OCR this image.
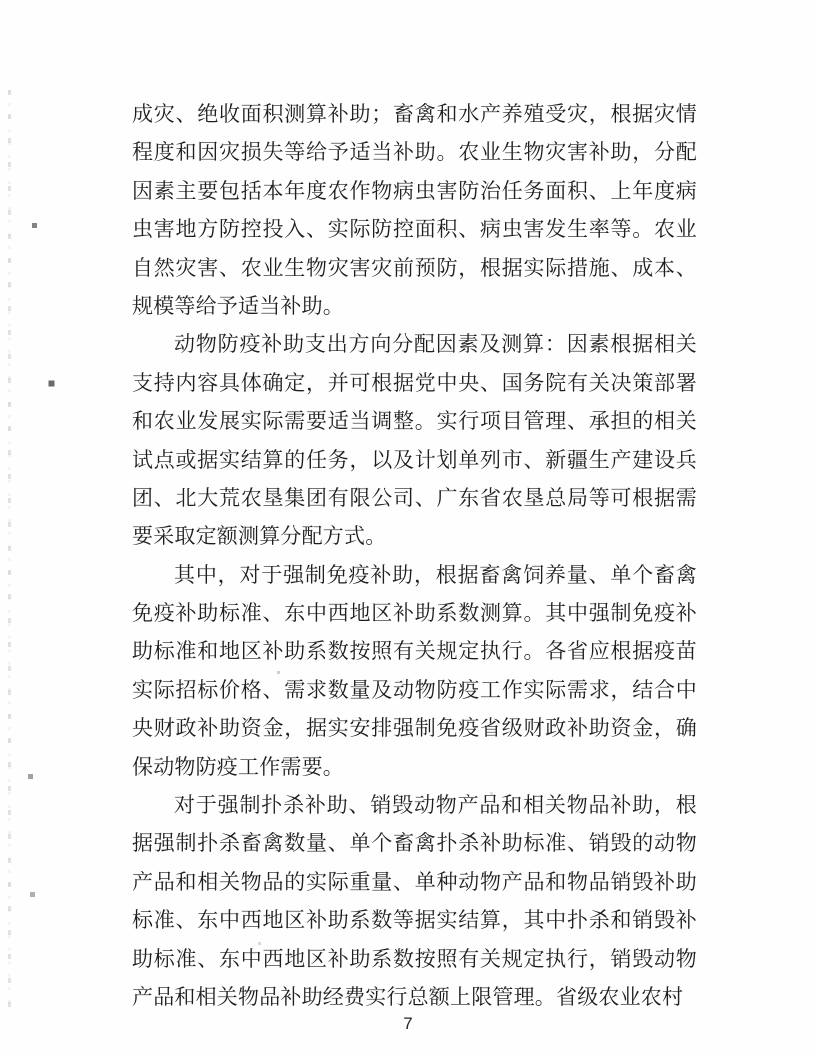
成灾、绝收面积测算补助；畜禽和水产养殖受灾，根据灾情
程度和因灾损失等给予适当补助。农业生物灾害补助，分配
因素主要包括本年度农作物病虫害防治任务面积、上年度病
虫害地方防控投入、实际防控面积、病虫害发生率等。农业
自然灾害、农业生物灾害灾前预防，根据实际措施、成本、
规模等给予适当补助。
动物防疫补助支出方向分配因素及测算：因素根据相关
支持内容具体确定，并可根据党中央、国务院有关决策部署
和农业发展实际需要适当调整。实行项目管理、承担的相关
试点或据实结算的任务，以及计划单列市、新疆生产建设兵
团、北大荒农垦集团有限公司、广东省农垦总局等可根据需
要采取定额测算分配方式。
其中，对于强制免疫补助，根据畜禽饲养量、单个畜禽
免疫补助标准、东中西地区补助系数测算。其中强制免疫补
助标准和地区补助系数按照有关规定执行。各省应根据疫苗
实际招标价格、需求数量及动物防疫工作实际需求，结合中
央财政补助资金，据实安排强制免疫省级财政补助资金，确
保动物防疫工作需要。
对于强制扑杀补助、销毁动物产品和相关物品补助，根
据强制扑杀畜禽数量、单个畜禽扑杀补助标准、销毁的动物
产品和相关物品的实际重量、单种动物产品和物品销毁补助
标准、东中西地区补助系数等据实结算，其中扑杀和销毁补
助标准、东中西地区补助系数按照有关规定执行，销毁动物
产品和相关物品补助经费实行总额上限管理。省级农业农村
7
